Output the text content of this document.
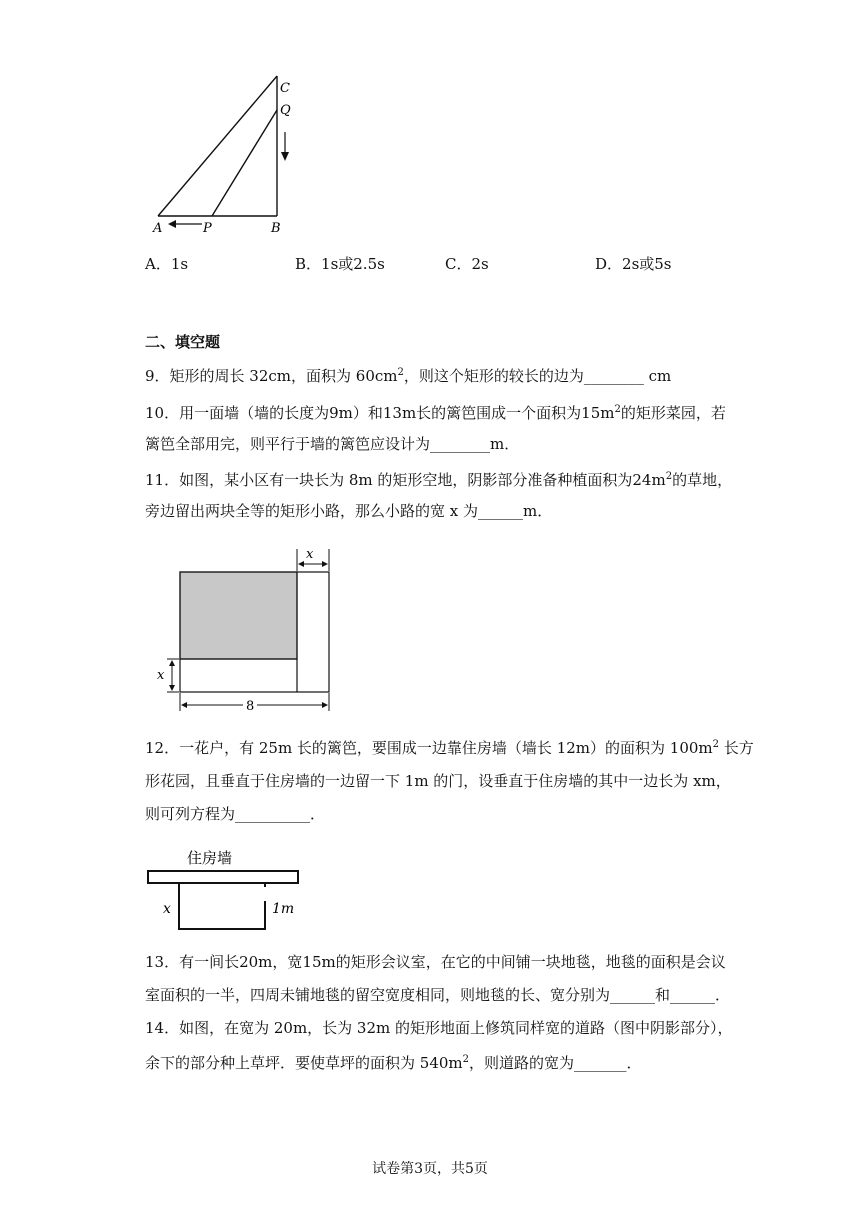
C
Q
A	P	B
A．1s	B．1s或2.5s	C．2s	D．2s或5s
二、填空题
9．矩形的周长 32cm，面积为 $60cm^2$，则这个矩形的较长的边为________ cm
10．用一面墙（墙的长度为9m）和13m长的篱笆围成一个面积为$15m^2$的矩形菜园，若
篱笆全部用完，则平行于墙的篱笆应设计为________m．
11．如图，某小区有一块长为 8m 的矩形空地，阴影部分准备种植面积为$24m^2$的草地，
旁边留出两块全等的矩形小路，那么小路的宽 x 为______m．
x
x
8
12．一花户，有 25m 长的篱笆，要围成一边靠住房墙（墙长 12m）的面积为 $100m^2$ 长方
形花园，且垂直于住房墙的一边留一下 1m 的门，设垂直于住房墙的其中一边长为 xm，
则可列方程为__________．
住房墙
x	1m
13．有一间长20m，宽15m的矩形会议室，在它的中间铺一块地毯，地毯的面积是会议
室面积的一半，四周未铺地毯的留空宽度相同，则地毯的长、宽分别为______和______．
14．如图，在宽为 20m，长为 32m 的矩形地面上修筑同样宽的道路（图中阴影部分），
余下的部分种上草坪．要使草坪的面积为 $540m^2$，则道路的宽为_______．
试卷第3页，共5页
